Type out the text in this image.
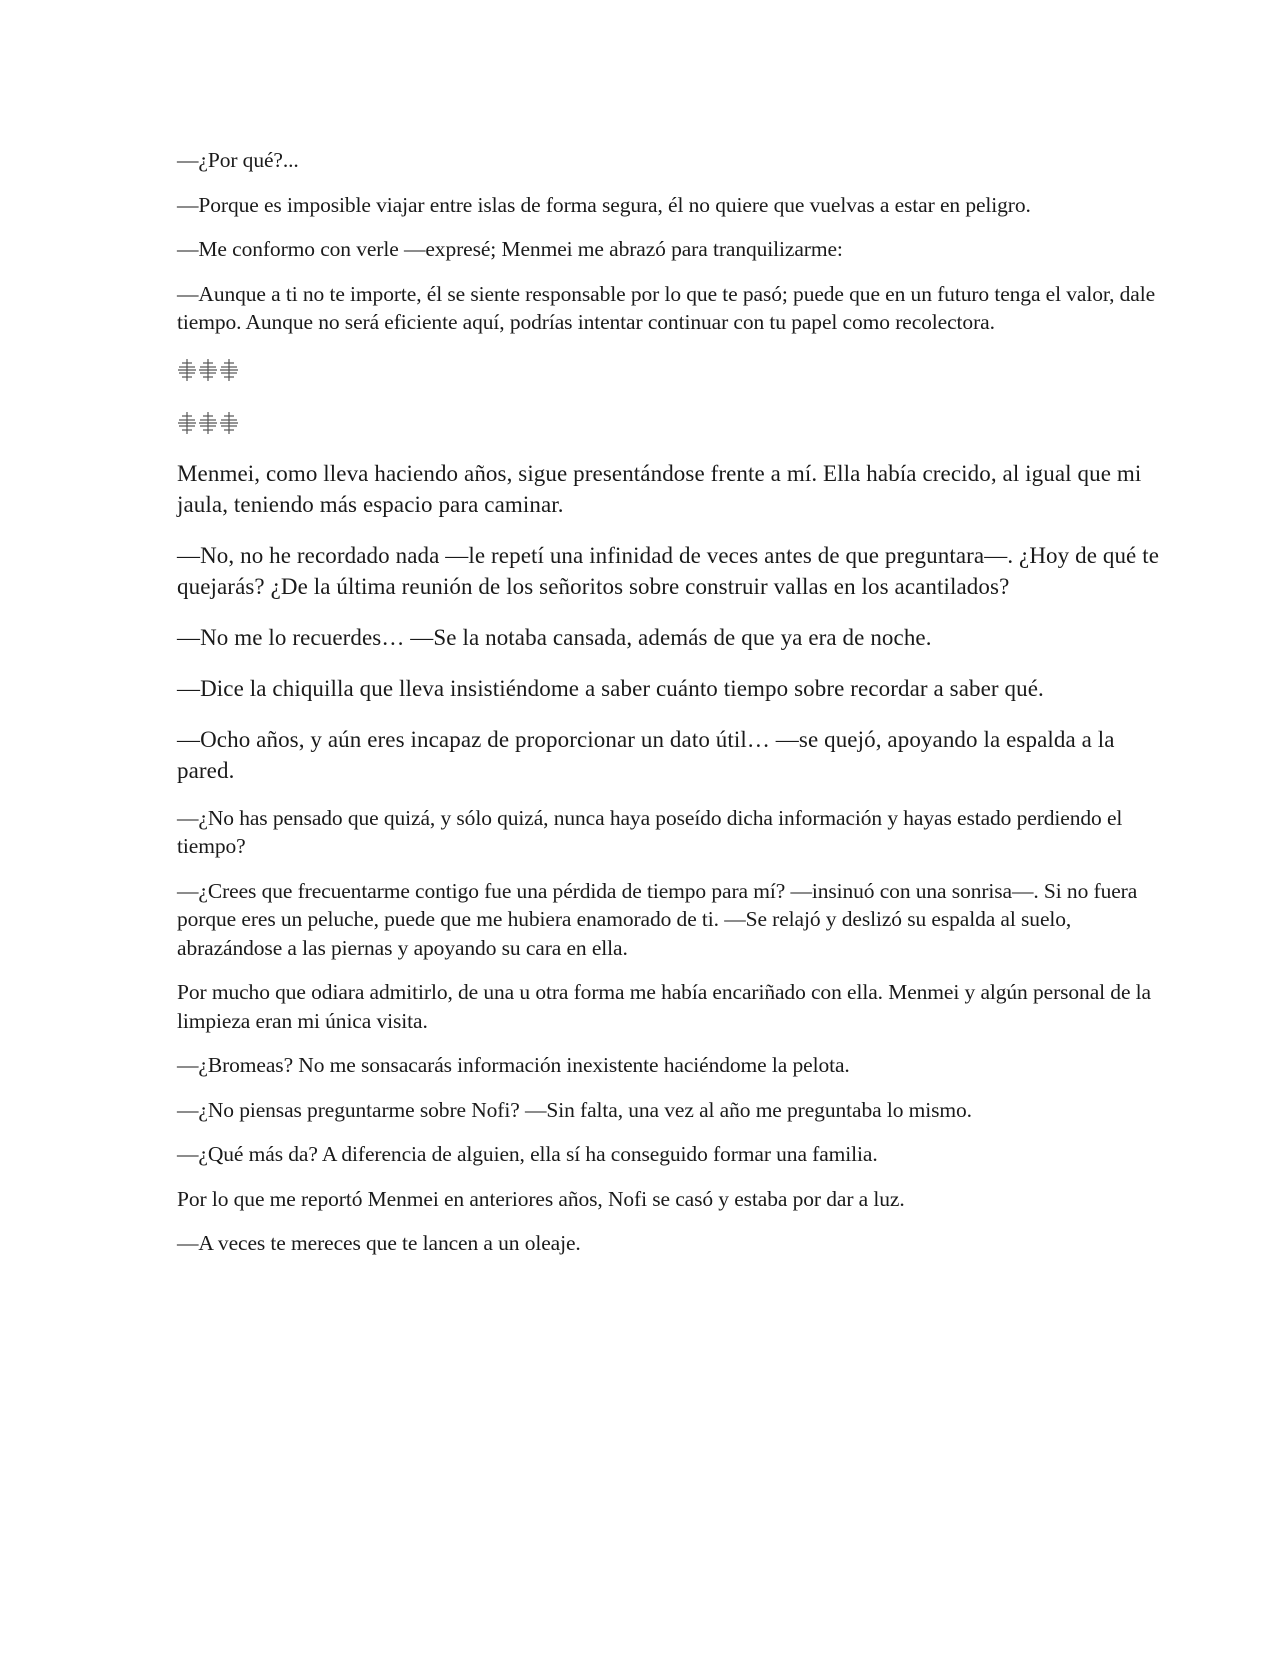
—¿Por qué?...

—Porque es imposible viajar entre islas de forma segura, él no quiere que vuelvas a estar en peligro.

—Me conformo con verle —expresé; Menmei me abrazó para tranquilizarme:

—Aunque a ti no te importe, él se siente responsable por lo que te pasó; puede que en un futuro tenga el valor, dale tiempo. Aunque no será eficiente aquí, podrías intentar continuar con tu papel como recolectora.

Menmei, como lleva haciendo años, sigue presentándose frente a mí. Ella había crecido, al igual que mi jaula, teniendo más espacio para caminar.

—No, no he recordado nada —le repetí una infinidad de veces antes de que preguntara—. ¿Hoy de qué te quejarás? ¿De la última reunión de los señoritos sobre construir vallas en los acantilados?

—No me lo recuerdes… —Se la notaba cansada, además de que ya era de noche.

—Dice la chiquilla que lleva insistiéndome a saber cuánto tiempo sobre recordar a saber qué.

—Ocho años, y aún eres incapaz de proporcionar un dato útil… —se quejó, apoyando la espalda a la pared.

—¿No has pensado que quizá, y sólo quizá, nunca haya poseído dicha información y hayas estado perdiendo el tiempo?

—¿Crees que frecuentarme contigo fue una pérdida de tiempo para mí? —insinuó con una sonrisa—. Si no fuera porque eres un peluche, puede que me hubiera enamorado de ti. —Se relajó y deslizó su espalda al suelo, abrazándose a las piernas y apoyando su cara en ella.

Por mucho que odiara admitirlo, de una u otra forma me había encariñado con ella. Menmei y algún personal de la limpieza eran mi única visita.

—¿Bromeas? No me sonsacarás información inexistente haciéndome la pelota.

—¿No piensas preguntarme sobre Nofi? —Sin falta, una vez al año me preguntaba lo mismo.

—¿Qué más da? A diferencia de alguien, ella sí ha conseguido formar una familia.

Por lo que me reportó Menmei en anteriores años, Nofi se casó y estaba por dar a luz.

—A veces te mereces que te lancen a un oleaje.
